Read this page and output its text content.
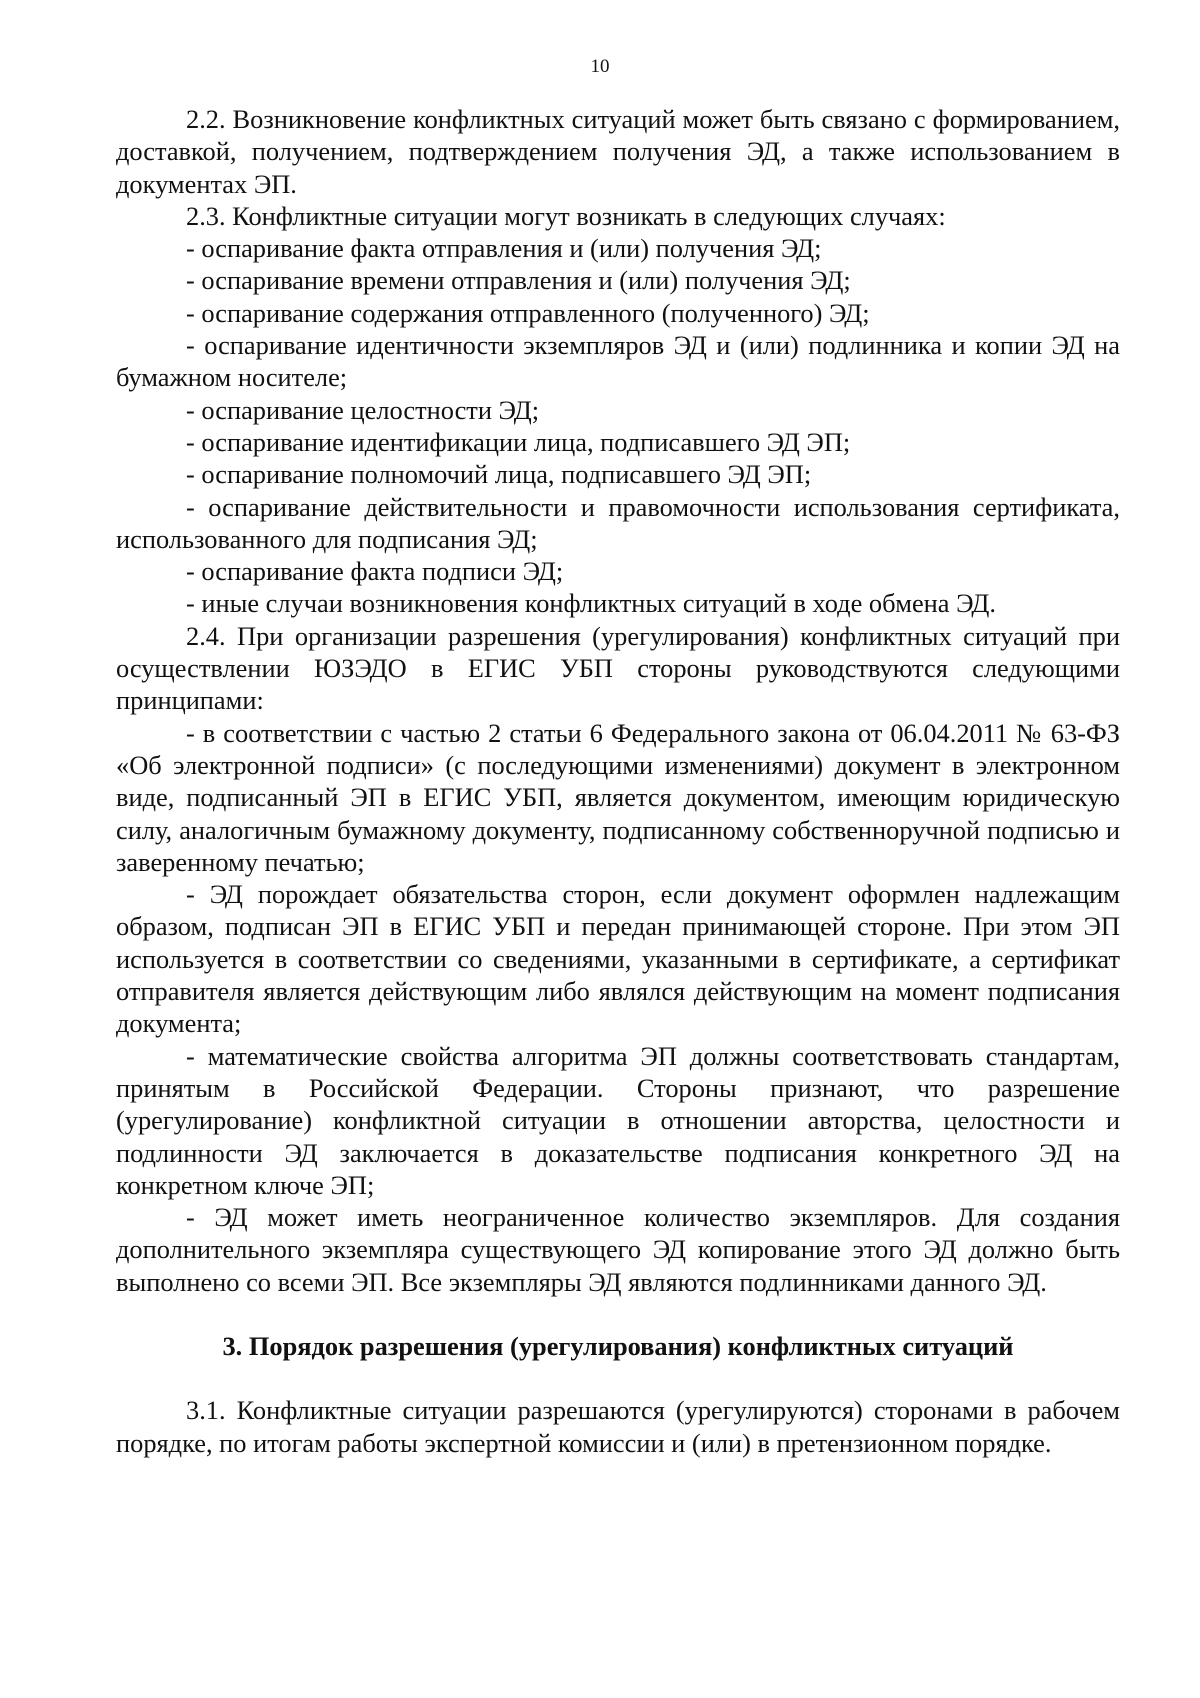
10

2.2. Возникновение конфликтных ситуаций может быть связано с формированием, доставкой, получением, подтверждением получения ЭД, а также использованием в документах ЭП.

2.3. Конфликтные ситуации могут возникать в следующих случаях:

- оспаривание факта отправления и (или) получения ЭД;

- оспаривание времени отправления и (или) получения ЭД;

- оспаривание содержания отправленного (полученного) ЭД;

- оспаривание идентичности экземпляров ЭД и (или) подлинника и копии ЭД на бумажном носителе;

- оспаривание целостности ЭД;

- оспаривание идентификации лица, подписавшего ЭД ЭП;

- оспаривание полномочий лица, подписавшего ЭД ЭП;

- оспаривание действительности и правомочности использования сертификата, использованного для подписания ЭД;

- оспаривание факта подписи ЭД;

- иные случаи возникновения конфликтных ситуаций в ходе обмена ЭД.

2.4. При организации разрешения (урегулирования) конфликтных ситуаций при осуществлении ЮЗЭДО в ЕГИС УБП стороны руководствуются следующими принципами:

- в соответствии с частью 2 статьи 6 Федерального закона от 06.04.2011 № 63-ФЗ «Об электронной подписи» (с последующими изменениями) документ в электронном виде, подписанный ЭП в ЕГИС УБП, является документом, имеющим юридическую силу, аналогичным бумажному документу, подписанному собственноручной подписью и заверенному печатью;

- ЭД порождает обязательства сторон, если документ оформлен надлежащим образом, подписан ЭП в ЕГИС УБП и передан принимающей стороне. При этом ЭП используется в соответствии со сведениями, указанными в сертификате, а сертификат отправителя является действующим либо являлся действующим на момент подписания документа;

- математические свойства алгоритма ЭП должны соответствовать стандартам, принятым в Российской Федерации. Стороны признают, что разрешение (урегулирование) конфликтной ситуации в отношении авторства, целостности и подлинности ЭД заключается в доказательстве подписания конкретного ЭД на конкретном ключе ЭП;

- ЭД может иметь неограниченное количество экземпляров. Для создания дополнительного экземпляра существующего ЭД копирование этого ЭД должно быть выполнено со всеми ЭП. Все экземпляры ЭД являются подлинниками данного ЭД.

3. Порядок разрешения (урегулирования) конфликтных ситуаций

3.1. Конфликтные ситуации разрешаются (урегулируются) сторонами в рабочем порядке, по итогам работы экспертной комиссии и (или) в претензионном порядке.
